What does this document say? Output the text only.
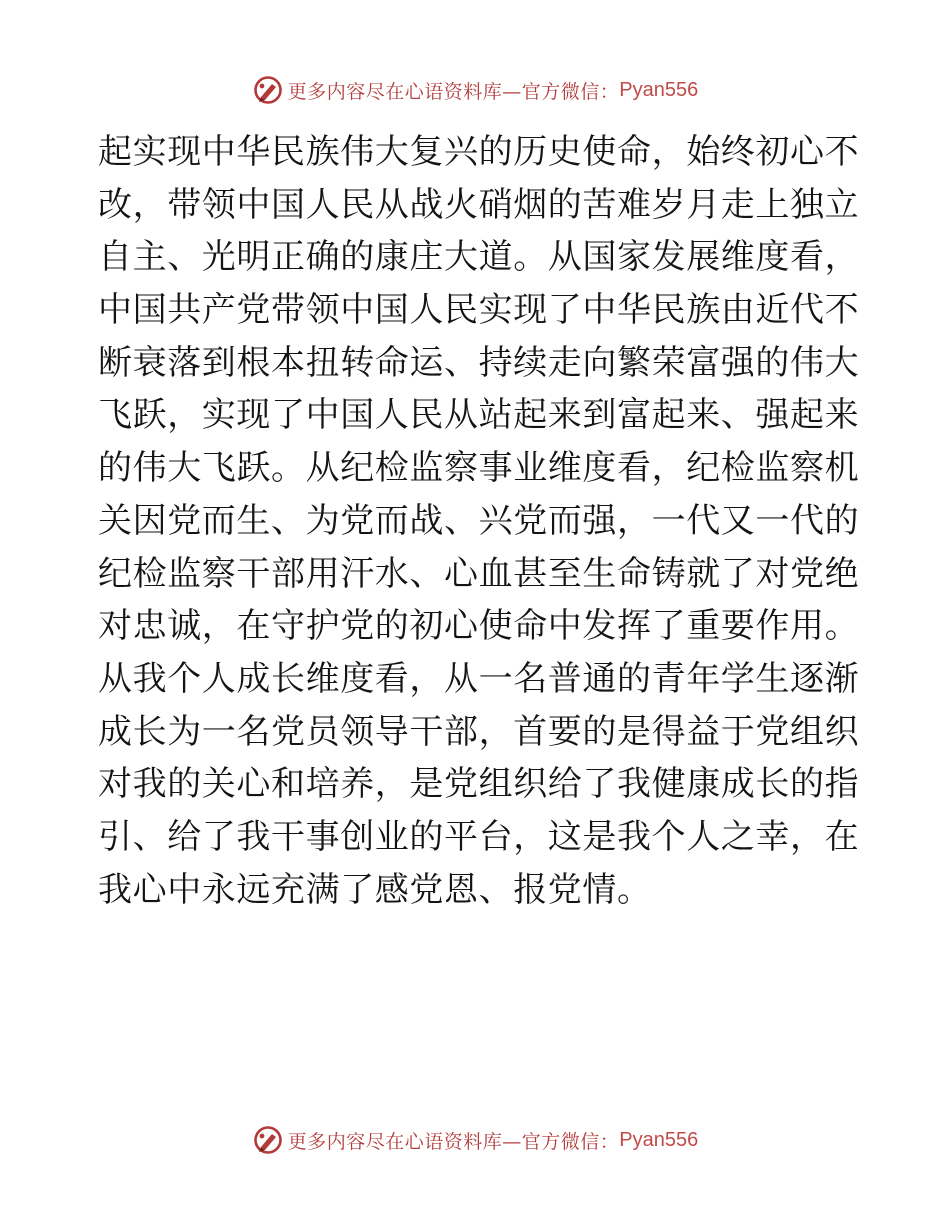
更多内容尽在心语资料库—官方微信： Pyan556
起实现中华民族伟大复兴的历史使命，始终初心不
改，带领中国人民从战火硝烟的苦难岁月走上独立
自主、光明正确的康庄大道。从国家发展维度看，
中国共产党带领中国人民实现了中华民族由近代不
断衰落到根本扭转命运、持续走向繁荣富强的伟大
飞跃，实现了中国人民从站起来到富起来、强起来
的伟大飞跃。从纪检监察事业维度看，纪检监察机
关因党而生、为党而战、兴党而强，一代又一代的
纪检监察干部用汗水、心血甚至生命铸就了对党绝
对忠诚，在守护党的初心使命中发挥了重要作用。
从我个人成长维度看，从一名普通的青年学生逐渐
成长为一名党员领导干部，首要的是得益于党组织
对我的关心和培养，是党组织给了我健康成长的指
引、给了我干事创业的平台，这是我个人之幸，在
我心中永远充满了感党恩、报党情。
更多内容尽在心语资料库—官方微信： Pyan556
